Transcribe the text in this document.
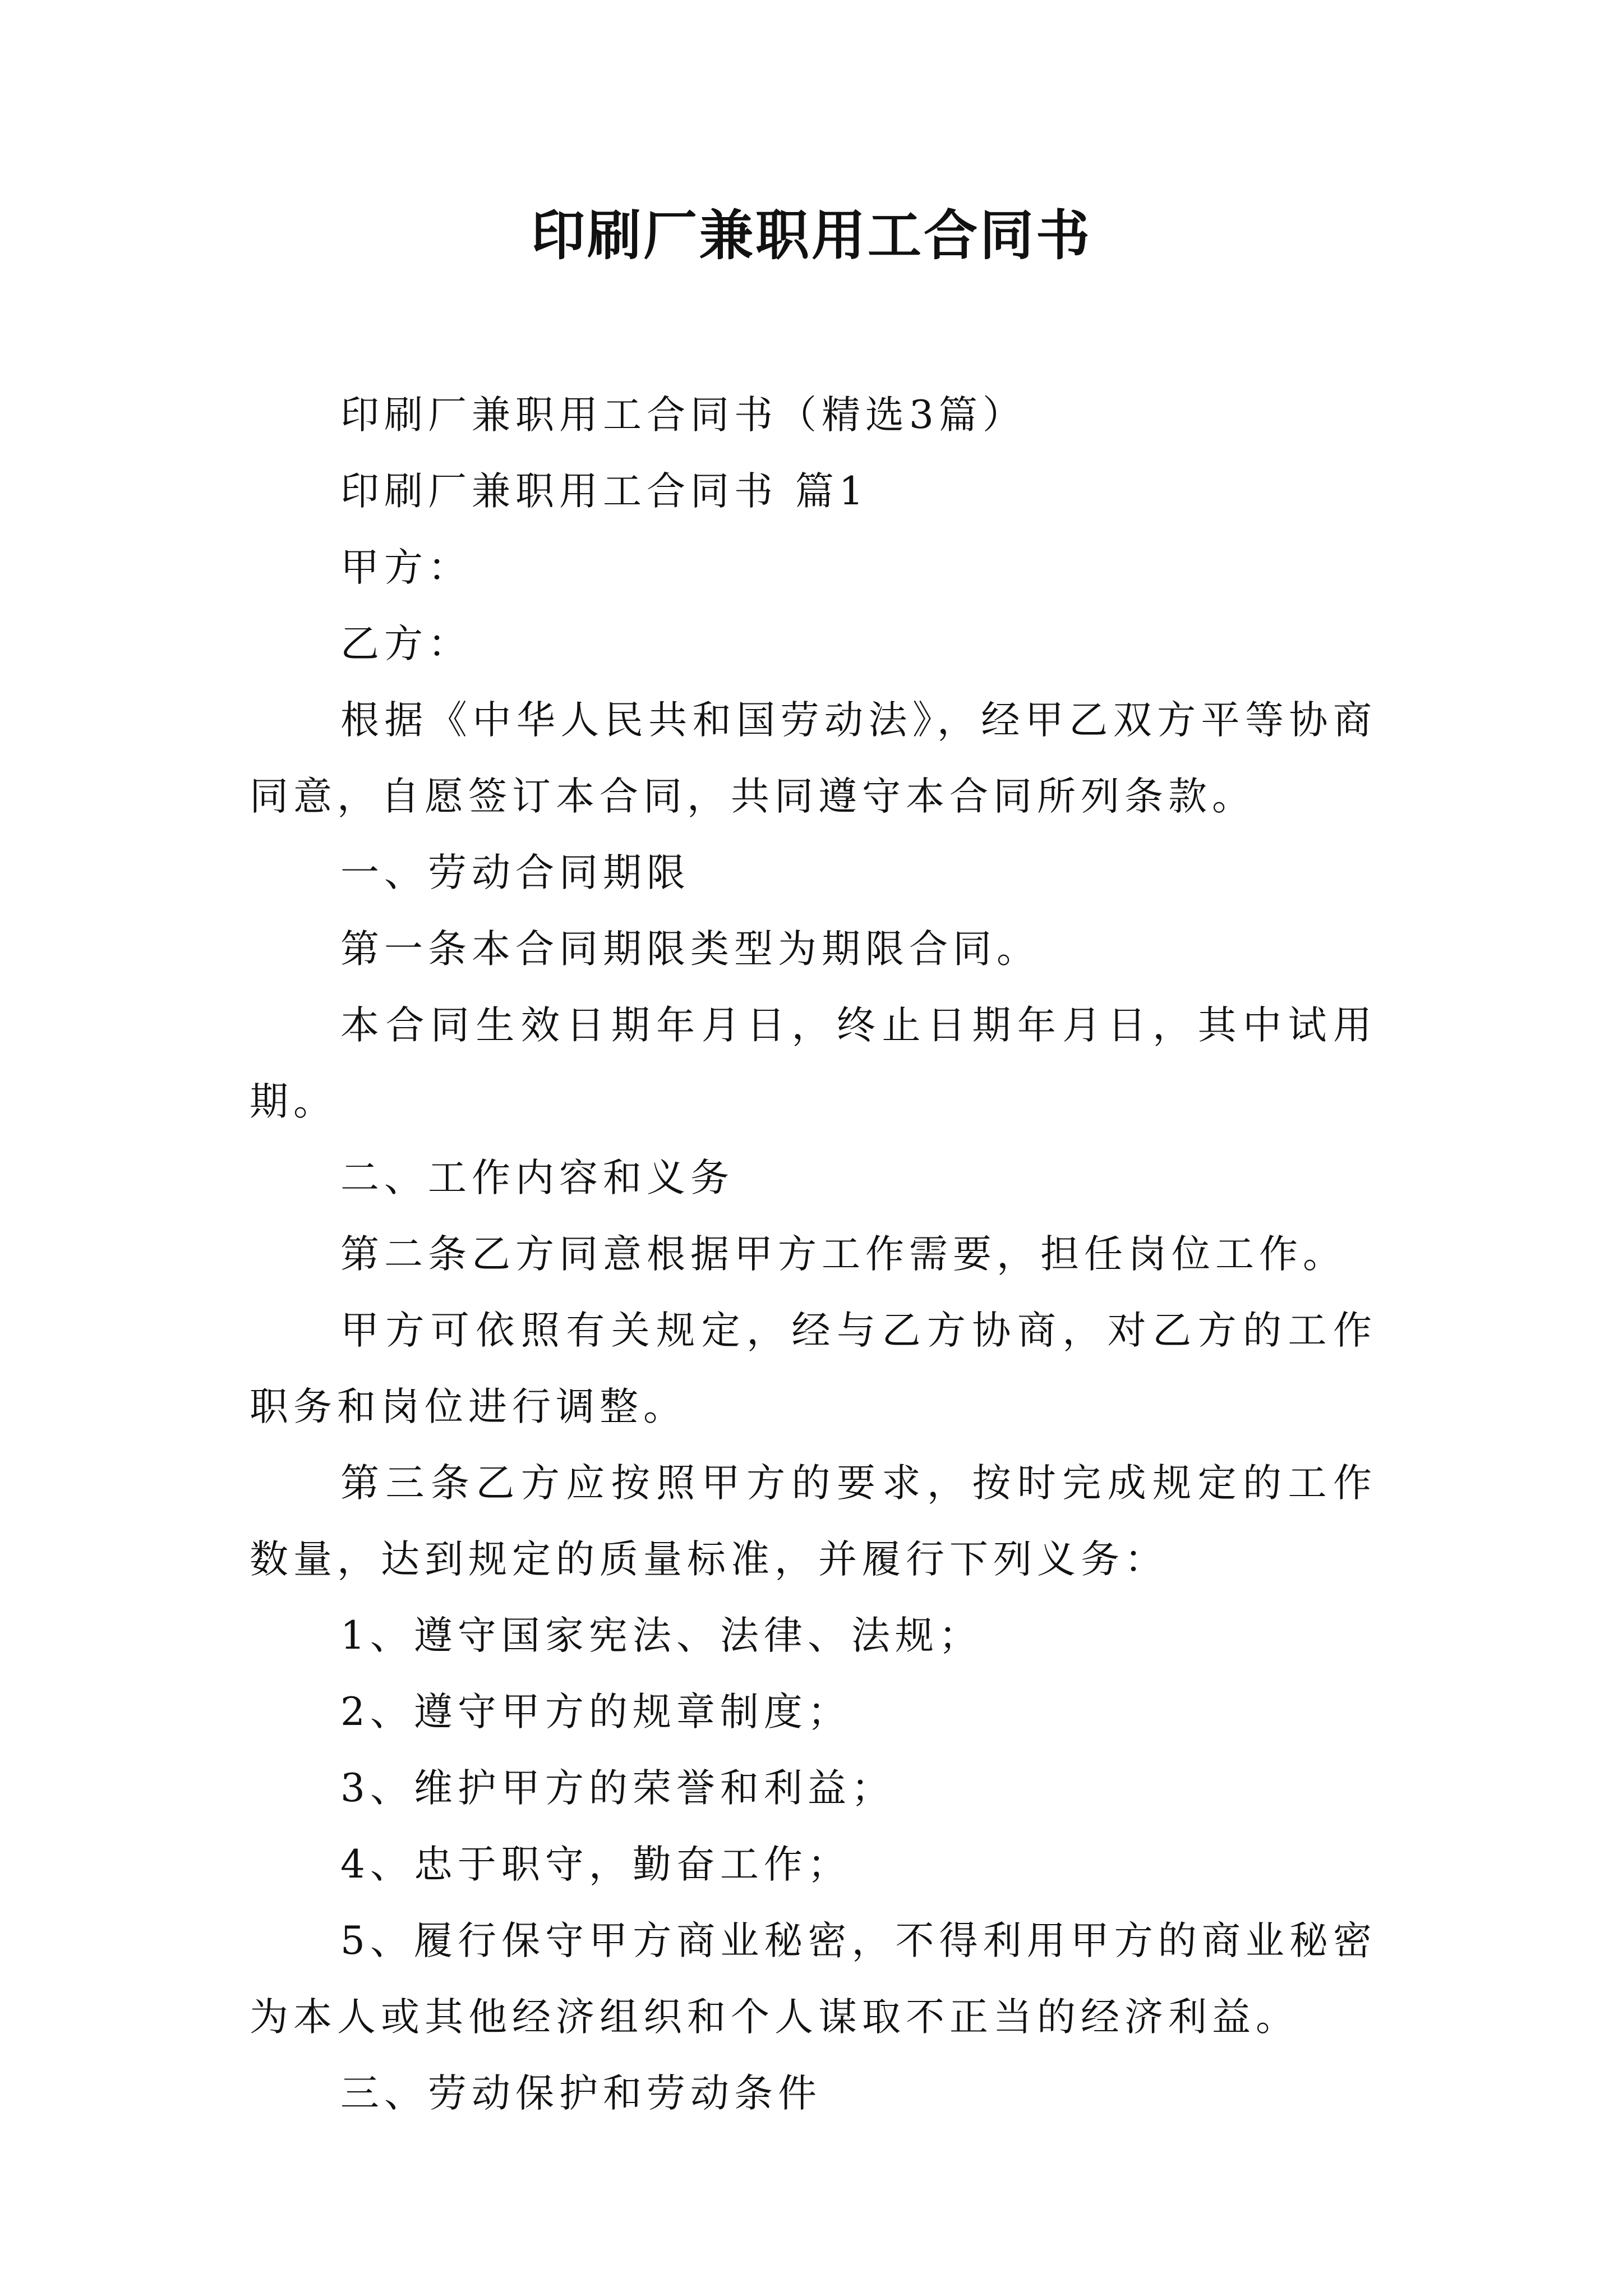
印刷厂兼职用工合同书

印刷厂兼职用工合同书（精选3篇）

印刷厂兼职用工合同书 篇1

甲方：

乙方：

根据《中华人民共和国劳动法》，经甲乙双方平等协商同意，自愿签订本合同，共同遵守本合同所列条款。

一、劳动合同期限

第一条本合同期限类型为期限合同。

本合同生效日期年月日，终止日期年月日，其中试用期。

二、工作内容和义务

第二条乙方同意根据甲方工作需要，担任岗位工作。

甲方可依照有关规定，经与乙方协商，对乙方的工作职务和岗位进行调整。

第三条乙方应按照甲方的要求，按时完成规定的工作数量，达到规定的质量标准，并履行下列义务：

1、遵守国家宪法、法律、法规；

2、遵守甲方的规章制度；

3、维护甲方的荣誉和利益；

4、忠于职守，勤奋工作；

5、履行保守甲方商业秘密，不得利用甲方的商业秘密为本人或其他经济组织和个人谋取不正当的经济利益。

三、劳动保护和劳动条件
